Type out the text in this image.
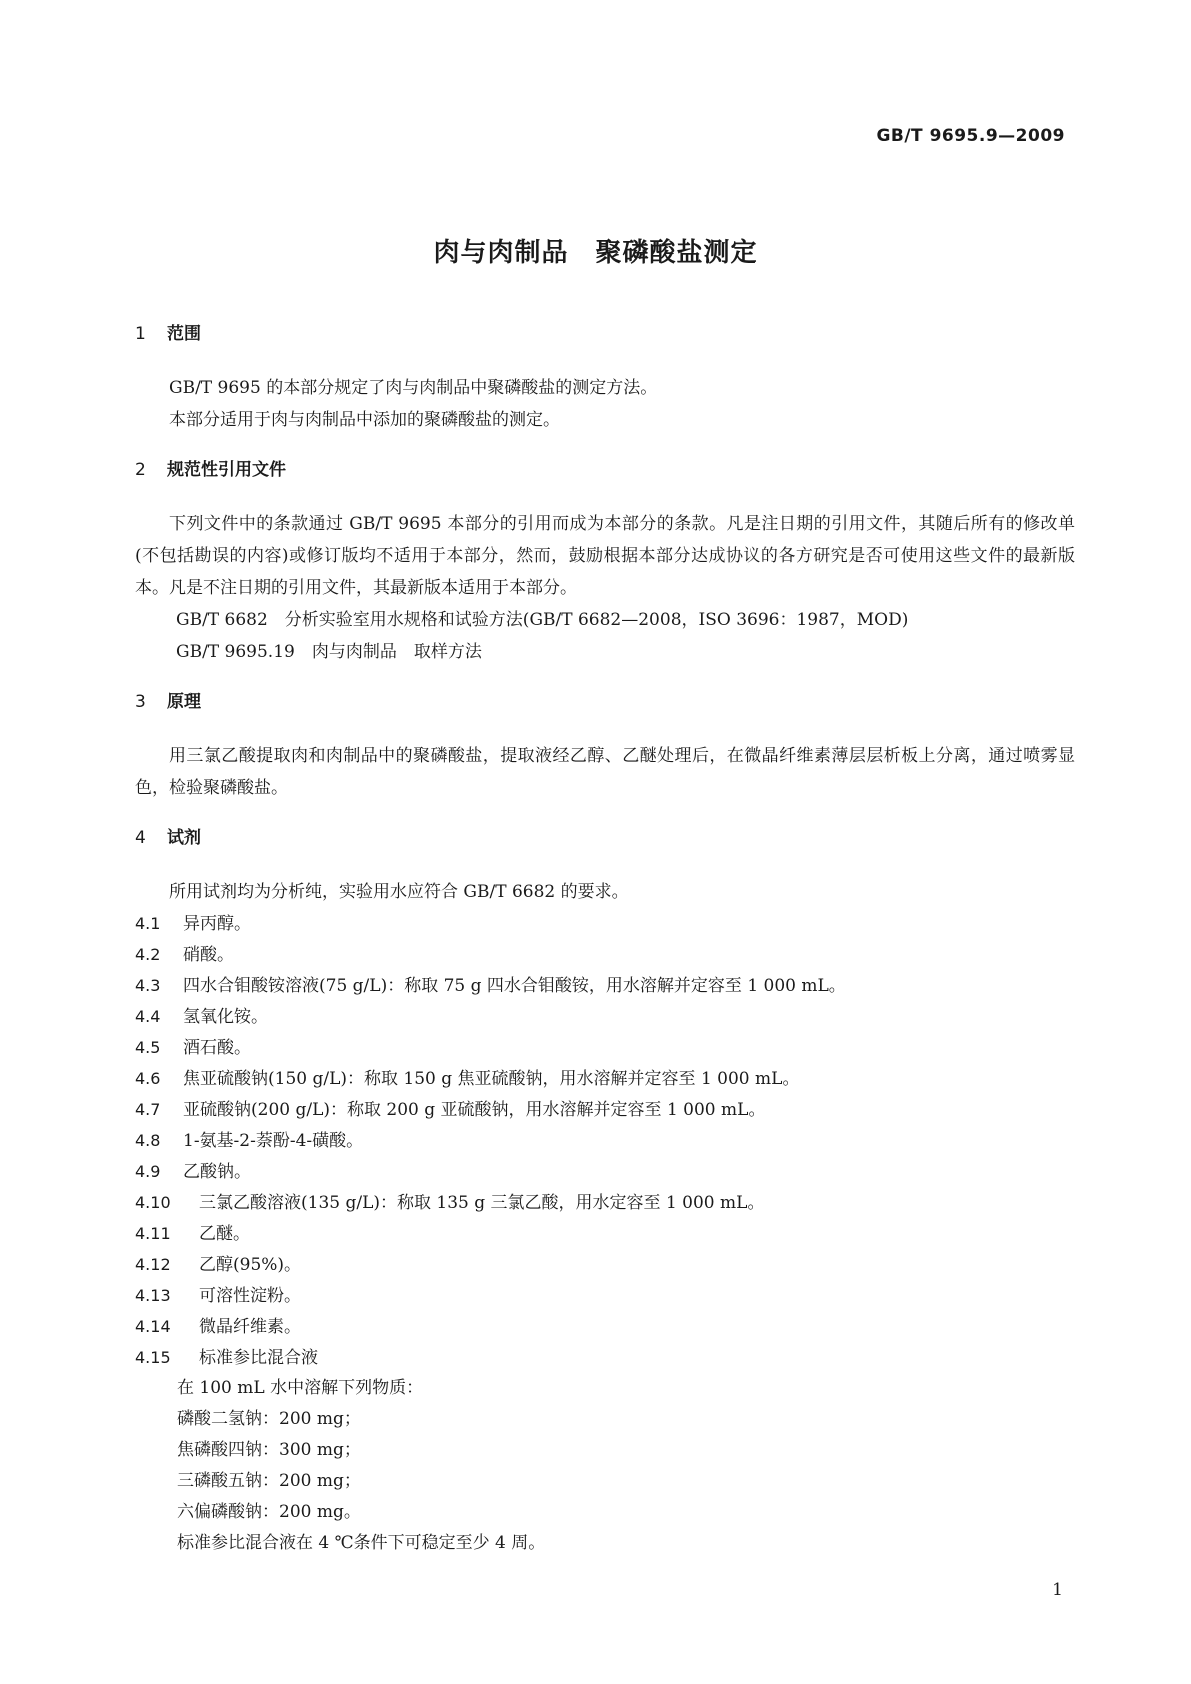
GB/T 9695.9—2009
肉与肉制品　聚磷酸盐测定
1 范围

GB/T 9695 的本部分规定了肉与肉制品中聚磷酸盐的测定方法。

本部分适用于肉与肉制品中添加的聚磷酸盐的测定。

2 规范性引用文件

下列文件中的条款通过 GB/T 9695 本部分的引用而成为本部分的条款。凡是注日期的引用文件，其随后所有的修改单(不包括勘误的内容)或修订版均不适用于本部分，然而，鼓励根据本部分达成协议的各方研究是否可使用这些文件的最新版本。凡是不注日期的引用文件，其最新版本适用于本部分。

GB/T 6682　分析实验室用水规格和试验方法(GB/T 6682—2008，ISO 3696：1987，MOD)

GB/T 9695.19　肉与肉制品　取样方法

3 原理

用三氯乙酸提取肉和肉制品中的聚磷酸盐，提取液经乙醇、乙醚处理后，在微晶纤维素薄层层析板上分离，通过喷雾显色，检验聚磷酸盐。

4 试剂

所用试剂均为分析纯，实验用水应符合 GB/T 6682 的要求。

4.1 异丙醇。
4.2 硝酸。
4.3 四水合钼酸铵溶液(75 g/L)：称取 75 g 四水合钼酸铵，用水溶解并定容至 1 000 mL。
4.4 氢氧化铵。
4.5 酒石酸。
4.6 焦亚硫酸钠(150 g/L)：称取 150 g 焦亚硫酸钠，用水溶解并定容至 1 000 mL。
4.7 亚硫酸钠(200 g/L)：称取 200 g 亚硫酸钠，用水溶解并定容至 1 000 mL。
4.8 1-氨基-2-萘酚-4-磺酸。
4.9 乙酸钠。
4.10 三氯乙酸溶液(135 g/L)：称取 135 g 三氯乙酸，用水定容至 1 000 mL。
4.11 乙醚。
4.12 乙醇(95%)。
4.13 可溶性淀粉。
4.14 微晶纤维素。
4.15 标准参比混合液
在 100 mL 水中溶解下列物质：
磷酸二氢钠：200 mg；
焦磷酸四钠：300 mg；
三磷酸五钠：200 mg；
六偏磷酸钠：200 mg。
标准参比混合液在 4 ℃条件下可稳定至少 4 周。
1
